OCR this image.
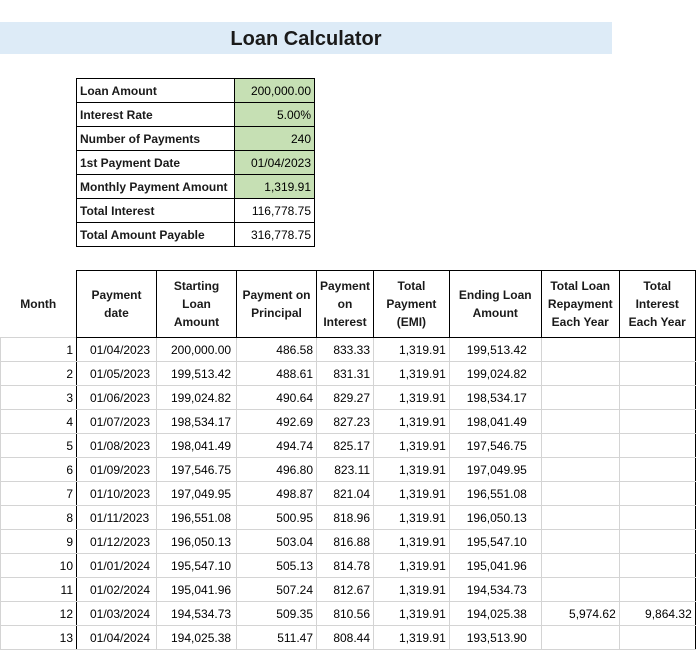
Loan Calculator
Loan Amount	200,000.00
Interest Rate	5.00%
Number of Payments	240
1st Payment Date	01/04/2023
Monthly Payment Amount	1,319.91
Total Interest	116,778.75
Total Amount Payable	316,778.75
Month	Payment date	Starting Loan Amount	Payment on Principal	Payment on Interest	Total Payment (EMI)	Ending Loan Amount	Total Loan Repayment Each Year	Total Interest Each Year
1	01/04/2023	200,000.00	486.58	833.33	1,319.91	199,513.42		
2	01/05/2023	199,513.42	488.61	831.31	1,319.91	199,024.82		
3	01/06/2023	199,024.82	490.64	829.27	1,319.91	198,534.17		
4	01/07/2023	198,534.17	492.69	827.23	1,319.91	198,041.49		
5	01/08/2023	198,041.49	494.74	825.17	1,319.91	197,546.75		
6	01/09/2023	197,546.75	496.80	823.11	1,319.91	197,049.95		
7	01/10/2023	197,049.95	498.87	821.04	1,319.91	196,551.08		
8	01/11/2023	196,551.08	500.95	818.96	1,319.91	196,050.13		
9	01/12/2023	196,050.13	503.04	816.88	1,319.91	195,547.10		
10	01/01/2024	195,547.10	505.13	814.78	1,319.91	195,041.96		
11	01/02/2024	195,041.96	507.24	812.67	1,319.91	194,534.73		
12	01/03/2024	194,534.73	509.35	810.56	1,319.91	194,025.38	5,974.62	9,864.32
13	01/04/2024	194,025.38	511.47	808.44	1,319.91	193,513.90		
